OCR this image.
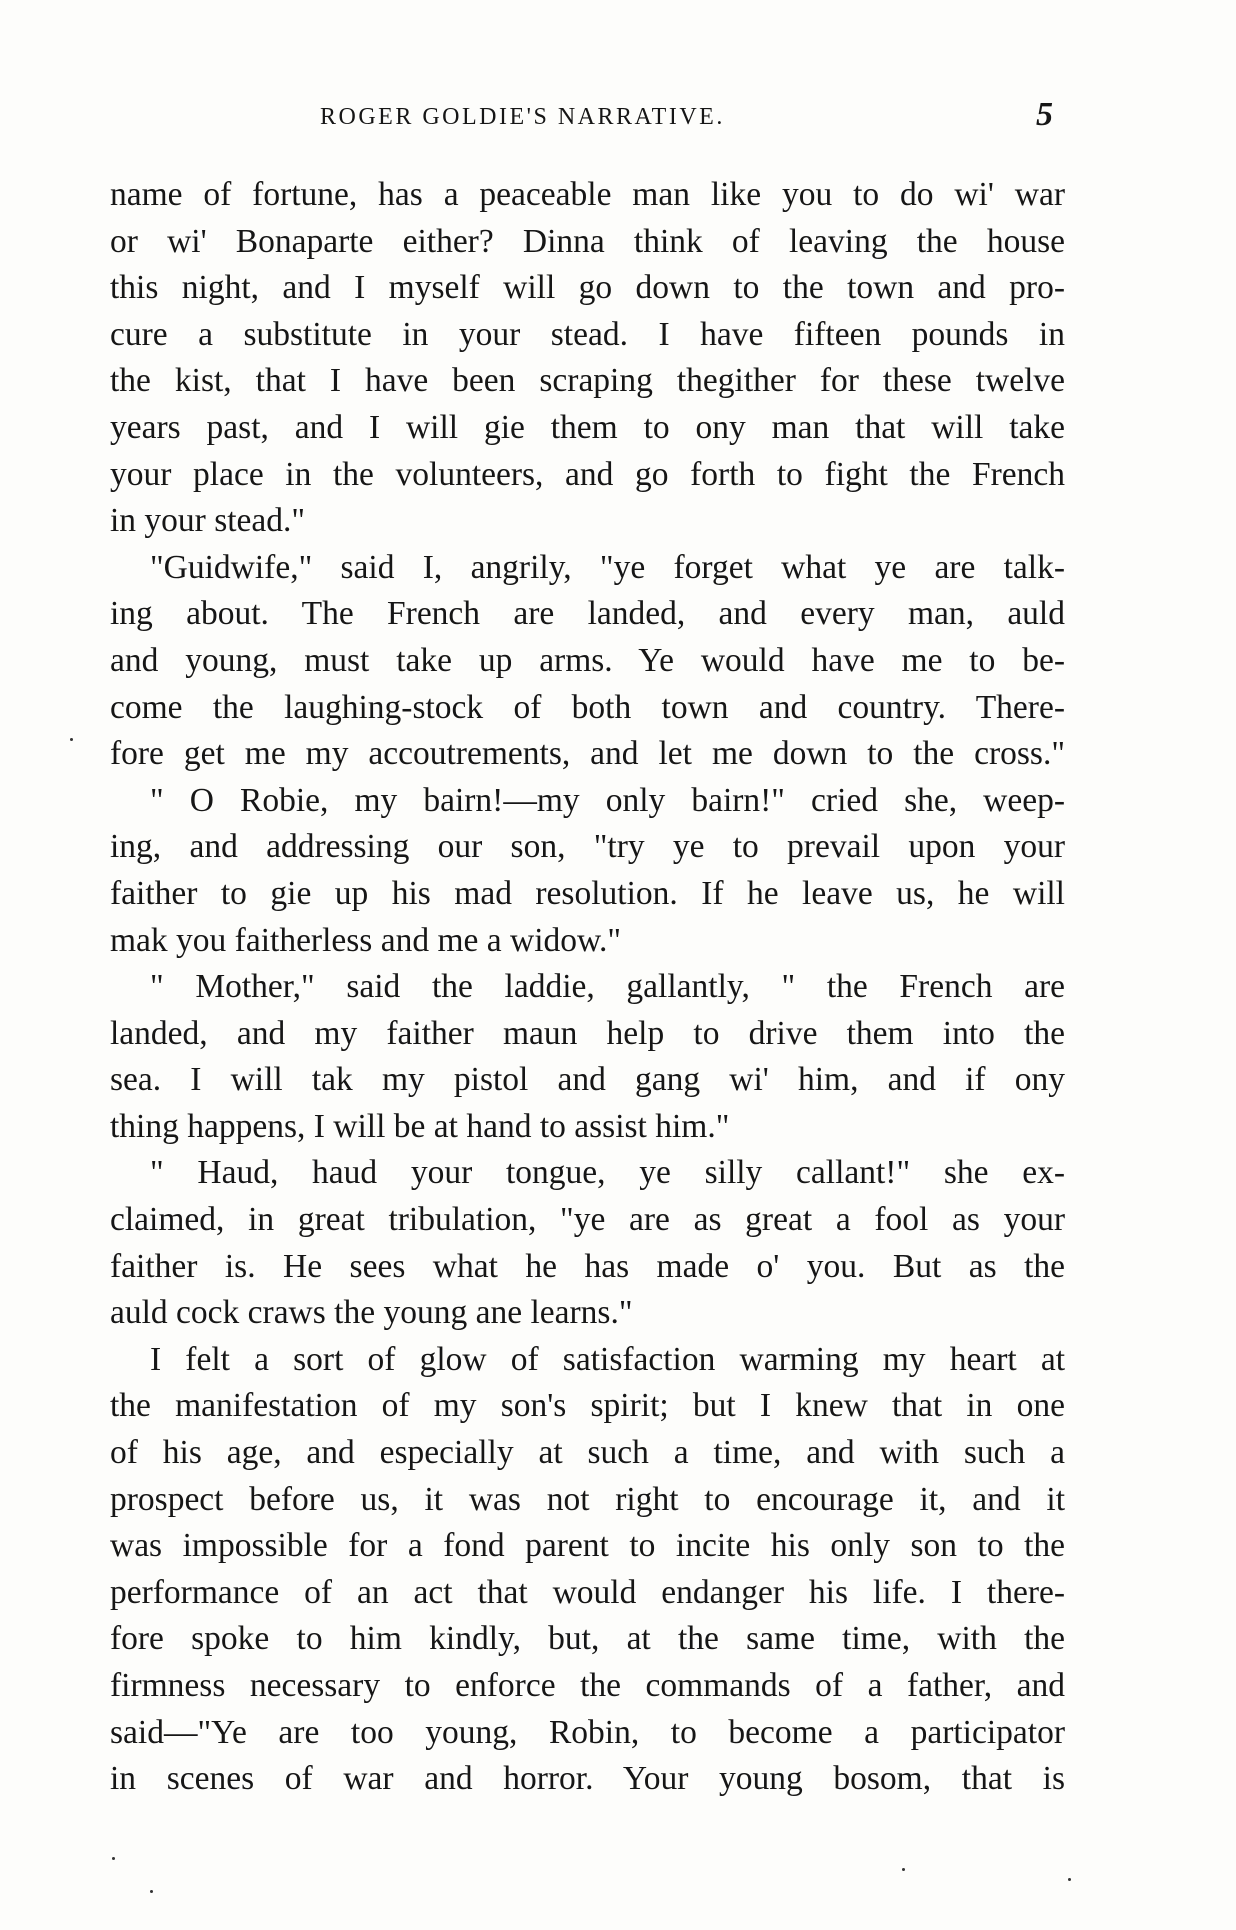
ROGER GOLDIE'S NARRATIVE.	5
name of fortune, has a peaceable man like you to do wi' war
or wi' Bonaparte either? Dinna think of leaving the house
this night, and I myself will go down to the town and pro-
cure a substitute in your stead. I have fifteen pounds in
the kist, that I have been scraping thegither for these twelve
years past, and I will gie them to ony man that will take
your place in the volunteers, and go forth to fight the French
in your stead."
"Guidwife," said I, angrily, "ye forget what ye are talk-
ing about. The French are landed, and every man, auld
and young, must take up arms. Ye would have me to be-
come the laughing-stock of both town and country. There-
fore get me my accoutrements, and let me down to the cross."
" O Robie, my bairn!—my only bairn!" cried she, weep-
ing, and addressing our son, "try ye to prevail upon your
faither to gie up his mad resolution. If he leave us, he will
mak you faitherless and me a widow."
" Mother," said the laddie, gallantly, " the French are
landed, and my faither maun help to drive them into the
sea. I will tak my pistol and gang wi' him, and if ony
thing happens, I will be at hand to assist him."
" Haud, haud your tongue, ye silly callant!" she ex-
claimed, in great tribulation, "ye are as great a fool as your
faither is. He sees what he has made o' you. But as the
auld cock craws the young ane learns."
I felt a sort of glow of satisfaction warming my heart at
the manifestation of my son's spirit; but I knew that in one
of his age, and especially at such a time, and with such a
prospect before us, it was not right to encourage it, and it
was impossible for a fond parent to incite his only son to the
performance of an act that would endanger his life. I there-
fore spoke to him kindly, but, at the same time, with the
firmness necessary to enforce the commands of a father, and
said—"Ye are too young, Robin, to become a participator
in scenes of war and horror. Your young bosom, that is
